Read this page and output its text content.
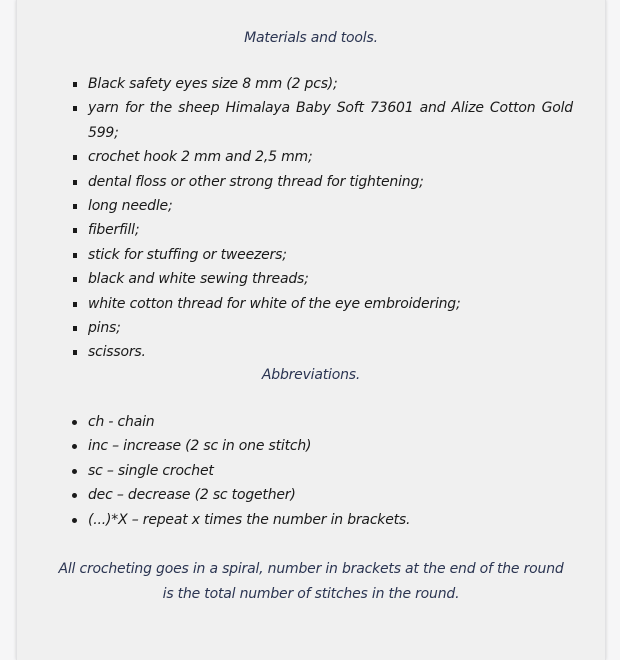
Materials and tools.
Black safety eyes size 8 mm (2 pcs);
yarn for the sheep Himalaya Baby Soft 73601 and Alize Cotton Gold 599;
crochet hook 2 mm and 2,5 mm;
dental floss or other strong thread for tightening;
long needle;
fiberfill;
stick for stuffing or tweezers;
black and white sewing threads;
white cotton thread for white of the eye embroidering;
pins;
scissors.
Abbreviations.
ch - chain
inc – increase (2 sc in one stitch)
sc – single crochet
dec – decrease (2 sc together)
(...)*X – repeat x times the number in brackets.
All crocheting goes in a spiral, number in brackets at the end of the round is the total number of stitches in the round.
